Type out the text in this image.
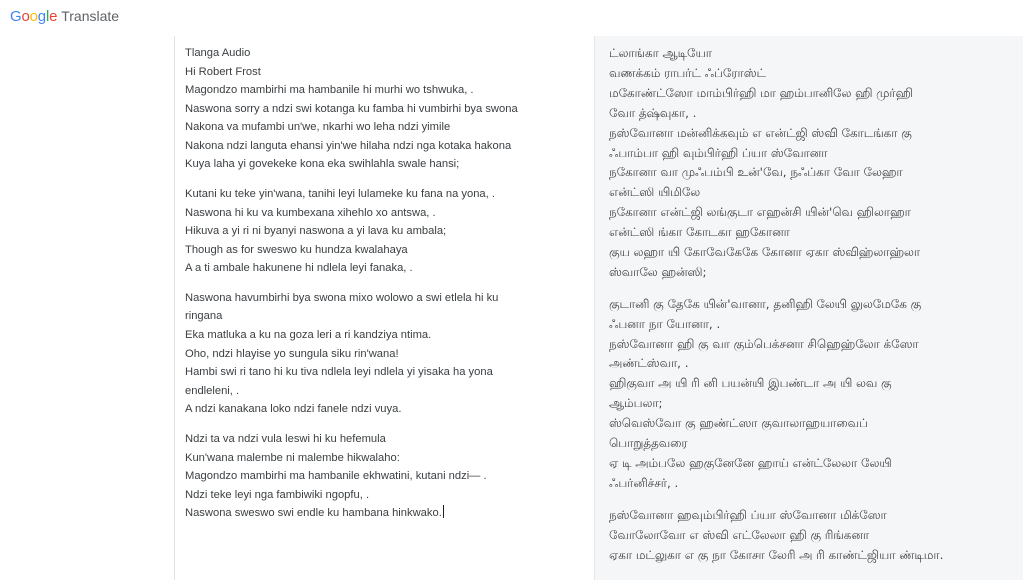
Google Translate
Tlanga Audio
Hi Robert Frost
Magondzo mambirhi ma hambanile hi murhi wo tshwuka, .
Naswona sorry a ndzi swi kotanga ku famba hi vumbirhi bya swona
Nakona va mufambi un'we, nkarhi wo leha ndzi yimile
Nakona ndzi languta ehansi yin'we hilaha ndzi nga kotaka hakona
Kuya laha yi govekeke kona eka swihlahla swale hansi;
Kutani ku teke yin'wana, tanihi leyi lulameke ku fana na yona, .
Naswona hi ku va kumbexana xihehlo xo antswa, .
Hikuva a yi ri ni byanyi naswona a yi lava ku ambala;
Though as for sweswo ku hundza kwalahaya
A a ti ambale hakunene hi ndlela leyi fanaka, .
Naswona havumbirhi bya swona mixo wolowo a swi etlela hi ku
ringana
Eka matluka a ku na goza leri a ri kandziya ntima.
Oho, ndzi hlayise yo sungula siku rin'wana!
Hambi swi ri tano hi ku tiva ndlela leyi ndlela yi yisaka ha yona
endleleni, .
A ndzi kanakana loko ndzi fanele ndzi vuya.
Ndzi ta va ndzi vula leswi hi ku hefemula
Kun'wana malembe ni malembe hikwalaho:
Magondzo mambirhi ma hambanile ekhwatini, kutani ndzi— .
Ndzi teke leyi nga fambiwiki ngopfu, .
Naswona sweswo swi endle ku hambana hinkwako.
ட்லாங்கா ஆடியோ
வணக்கம் ராபர்ட் ஃப்ரோஸ்ட்
மகோண்ட்ஸோ மாம்பிர்ஹி மா ஹம்பானிலே ஹி முர்ஹி
வோ த்ஷ்வுகா, .
நஸ்வோனா மன்னிக்கவும் எ என்ட்ஜி ஸ்வி கோடங்கா கு
ஃபாம்பா ஹி வும்பிர்ஹி ப்யா ஸ்வோனா
நகோனா வா முஃபம்பி உன்'வே, நஃப்கா வோ லேஹா
என்ட்ஸி யிமிலே
நகோனா என்ட்ஜி லங்குடா எஹன்சி யின்'வெ ஹிலாஹா
என்ட்ஸி ங்கா கோடகா ஹகோனா
குய லஹா யி கோவேகேகே கோனா ஏகா ஸ்விஹ்லாஹ்லா
ஸ்வாலே ஹன்ஸி;
குடானி கு தேகே யின்'வானா, தனிஹி லேயி லுலமேகே கு
ஃபனா நா யோனா, .
நஸ்வோனா ஹி கு வா கும்பெக்சனா சிஹெஹ்லோ க்ஸோ
அண்ட்ஸ்வா, .
ஹிகுவா அ யி ரி னி பயன்யி இபண்டா அ யி லவ கு
ஆம்பலா;
ஸ்வெஸ்வோ கு ஹண்ட்ஸா குவாலாஹயாவைப்
பொறுத்தவரை
ஏ டி அம்பலே ஹகுனேனே ஹாய் என்ட்லேலா லேயி
ஃபர்னிச்சர், .
நஸ்வோனா ஹவும்பிர்ஹி ப்யா ஸ்வோனா மிக்ஸோ
வோலோவோ எ ஸ்வி எட்லேலா ஹி கு ரிங்கனா
ஏகா மட்லுகா எ கு நா கோசா லேரி அ ரி காண்ட்ஜியா ண்டிமா.
